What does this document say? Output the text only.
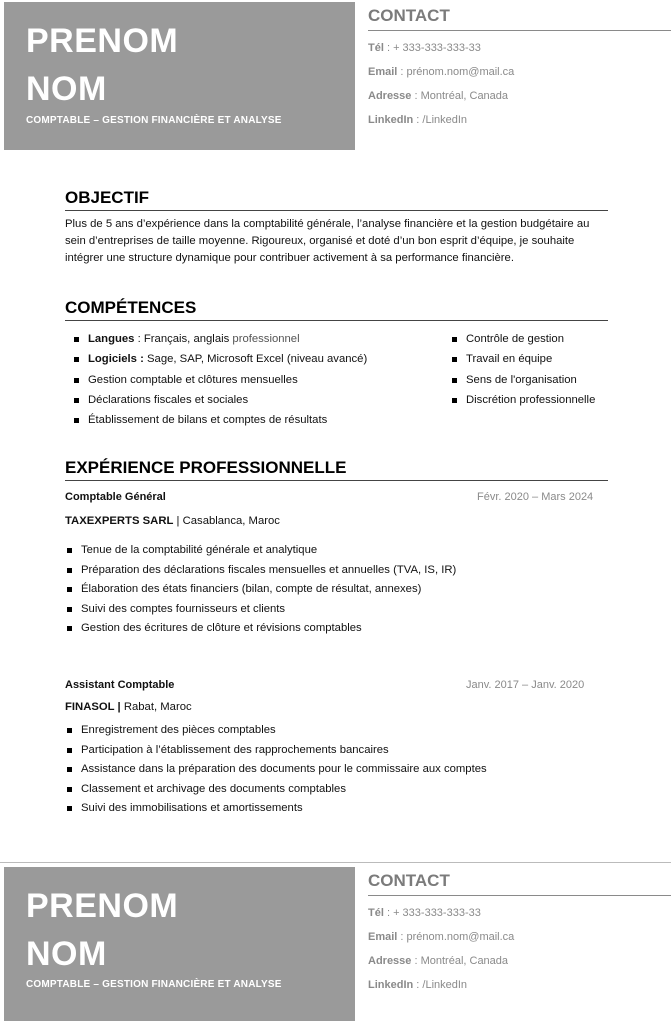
PRENOM
NOM
COMPTABLE – GESTION FINANCIÈRE ET ANALYSE
CONTACT
Tél : + 333-333-333-33
Email : prénom.nom@mail.ca
Adresse : Montréal, Canada
LinkedIn : /LinkedIn
OBJECTIF
Plus de 5 ans d’expérience dans la comptabilité générale, l’analyse financière et la gestion budgétaire au sein d’entreprises de taille moyenne. Rigoureux, organisé et doté d’un bon esprit d’équipe, je souhaite intégrer une structure dynamique pour contribuer activement à sa performance financière.
COMPÉTENCES
Langues : Français, anglais professionnel
Logiciels : Sage, SAP, Microsoft Excel (niveau avancé)
Gestion comptable et clôtures mensuelles
Déclarations fiscales et sociales
Établissement de bilans et comptes de résultats
Contrôle de gestion
Travail en équipe
Sens de l'organisation
Discrétion professionnelle
EXPÉRIENCE PROFESSIONNELLE
Comptable Général	Févr. 2020 – Mars 2024
TAXEXPERTS SARL | Casablanca, Maroc
Tenue de la comptabilité générale et analytique
Préparation des déclarations fiscales mensuelles et annuelles (TVA, IS, IR)
Élaboration des états financiers (bilan, compte de résultat, annexes)
Suivi des comptes fournisseurs et clients
Gestion des écritures de clôture et révisions comptables
Assistant Comptable	Janv. 2017 – Janv. 2020
FINASOL | Rabat, Maroc
Enregistrement des pièces comptables
Participation à l’établissement des rapprochements bancaires
Assistance dans la préparation des documents pour le commissaire aux comptes
Classement et archivage des documents comptables
Suivi des immobilisations et amortissements
PRENOM
NOM
COMPTABLE – GESTION FINANCIÈRE ET ANALYSE
CONTACT
Tél : + 333-333-333-33
Email : prénom.nom@mail.ca
Adresse : Montréal, Canada
LinkedIn : /LinkedIn
